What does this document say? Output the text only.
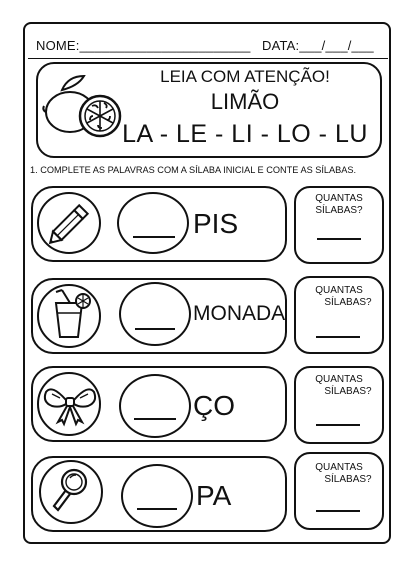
NOME:_______________________ DATA:___/___/___
LEIA COM ATENÇÃO!
LIMÃO
LA - LE - LI - LO - LU
1. COMPLETE AS PALAVRAS COM A SÍLABA INICIAL E CONTE AS SÍLABAS.
PIS
QUANTAS
SÍLABAS?
MONADA
QUANTAS
SÍLABAS?
ÇO
QUANTAS
SÍLABAS?
PA
QUANTAS
SÍLABAS?
